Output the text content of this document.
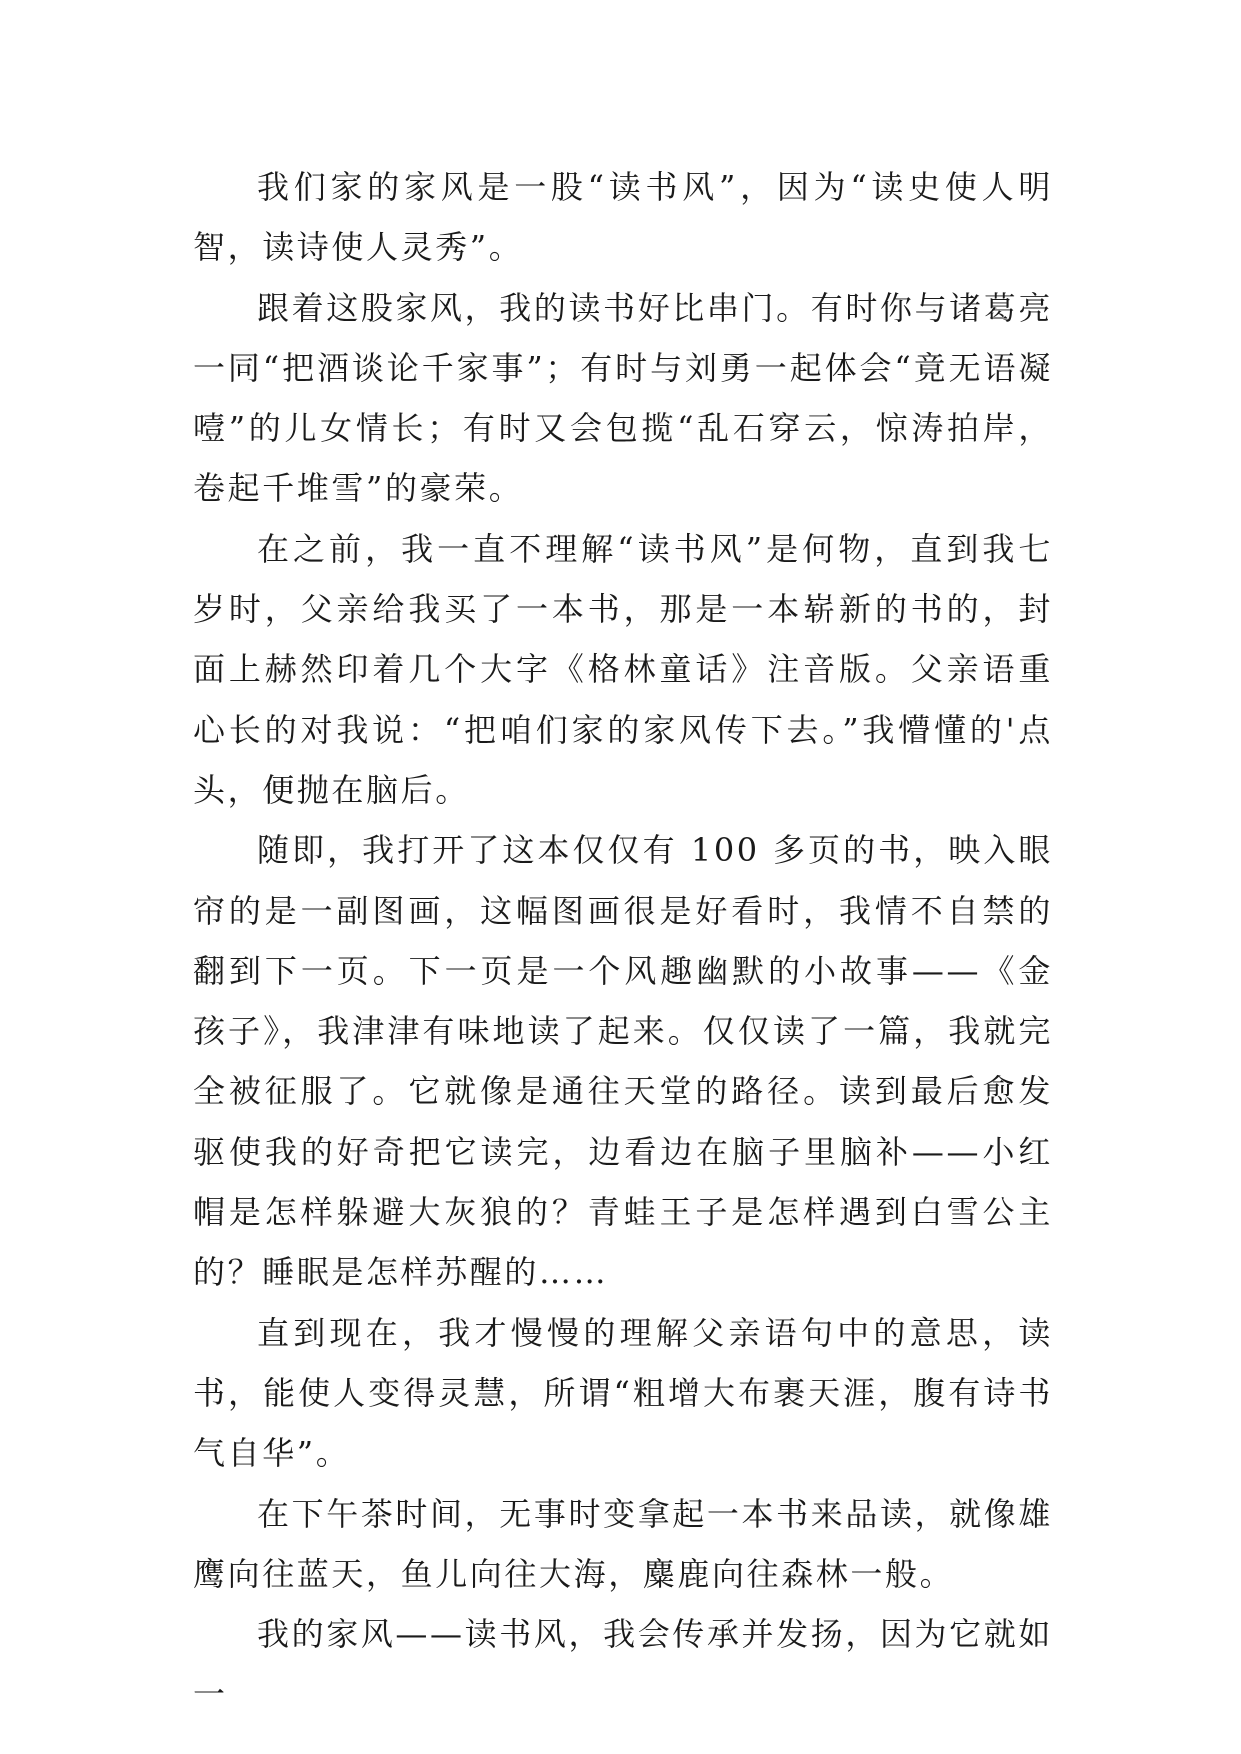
我们家的家风是一股“读书风”，因为“读史使人明智，读诗使人灵秀”。

跟着这股家风，我的读书好比串门。有时你与诸葛亮一同“把酒谈论千家事”；有时与刘勇一起体会“竟无语凝噎”的儿女情长；有时又会包揽“乱石穿云，惊涛拍岸，卷起千堆雪”的豪荣。

在之前，我一直不理解“读书风”是何物，直到我七岁时，父亲给我买了一本书，那是一本崭新的书的，封面上赫然印着几个大字《格林童话》注音版。父亲语重心长的对我说：“把咱们家的家风传下去。”我懵懂的'点头，便抛在脑后。

随即，我打开了这本仅仅有 100 多页的书，映入眼帘的是一副图画，这幅图画很是好看时，我情不自禁的翻到下一页。下一页是一个风趣幽默的小故事——《金孩子》，我津津有味地读了起来。仅仅读了一篇，我就完全被征服了。它就像是通往天堂的路径。读到最后愈发驱使我的好奇把它读完，边看边在脑子里脑补——小红帽是怎样躲避大灰狼的？青蛙王子是怎样遇到白雪公主的？睡眠是怎样苏醒的……

直到现在，我才慢慢的理解父亲语句中的意思，读书，能使人变得灵慧，所谓“粗增大布裹天涯，腹有诗书气自华”。

在下午茶时间，无事时变拿起一本书来品读，就像雄鹰向往蓝天，鱼儿向往大海，麋鹿向往森林一般。

我的家风——读书风，我会传承并发扬，因为它就如一
